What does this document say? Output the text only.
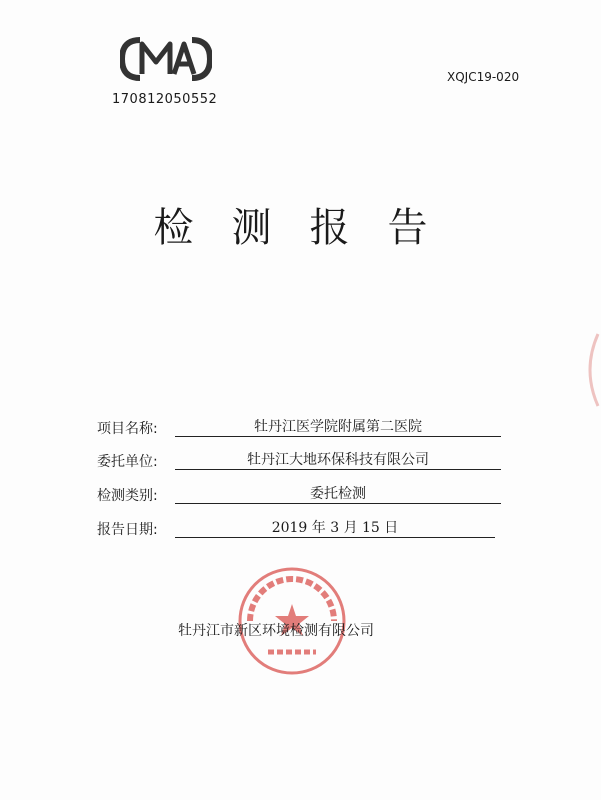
170812050552
XQJC19-020
检测报告
项目名称:	牡丹江医学院附属第二医院
委托单位:	牡丹江大地环保科技有限公司
检测类别:	委托检测
报告日期:	2019 年 3 月 15 日
牡丹江市新区环境检测有限公司
